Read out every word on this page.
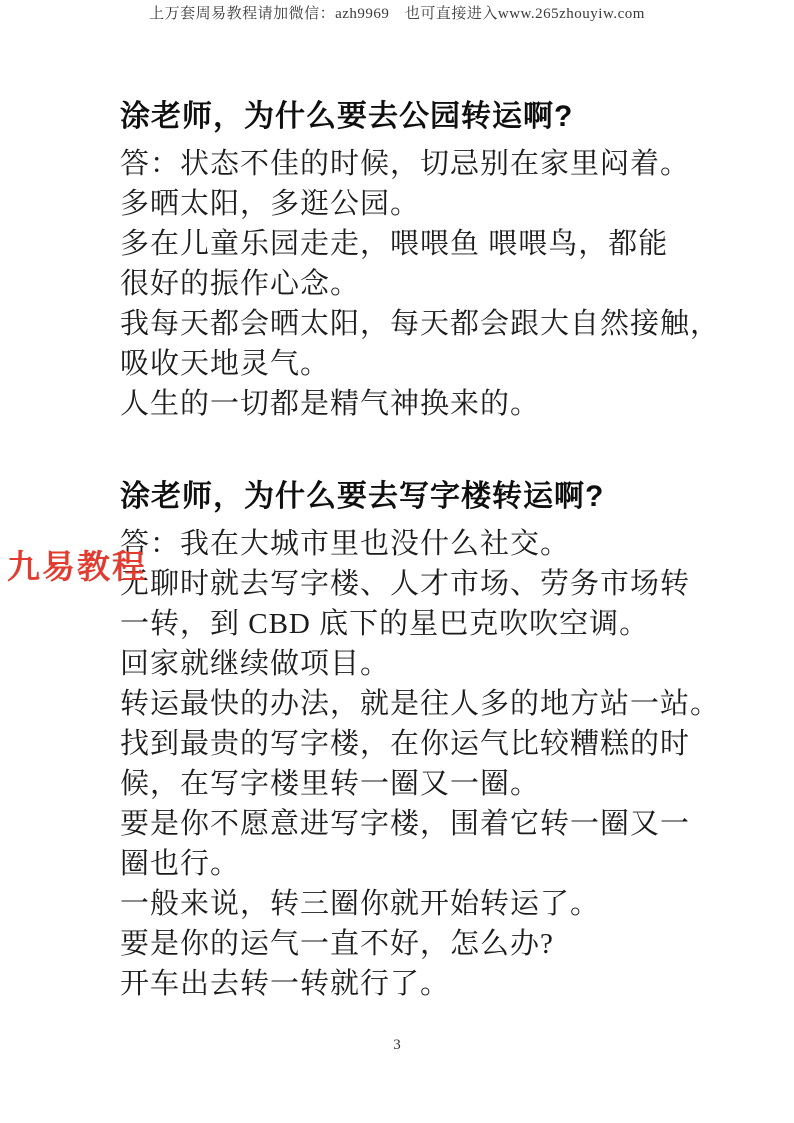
上万套周易教程请加微信：azh9969　也可直接进入www.265zhouyiw.com
九易教程
涂老师，为什么要去公园转运啊?
答：状态不佳的时候，切忌别在家里闷着。
多晒太阳，多逛公园。
多在儿童乐园走走，喂喂鱼 喂喂鸟，都能
很好的振作心念。
我每天都会晒太阳，每天都会跟大自然接触，
吸收天地灵气。
人生的一切都是精气神换来的。
涂老师，为什么要去写字楼转运啊?
答：我在大城市里也没什么社交。
无聊时就去写字楼、人才市场、劳务市场转
一转，到 CBD 底下的星巴克吹吹空调。
回家就继续做项目。
转运最快的办法，就是往人多的地方站一站。
找到最贵的写字楼，在你运气比较糟糕的时
候，在写字楼里转一圈又一圈。
要是你不愿意进写字楼，围着它转一圈又一
圈也行。
一般来说，转三圈你就开始转运了。
要是你的运气一直不好，怎么办?
开车出去转一转就行了。
3
